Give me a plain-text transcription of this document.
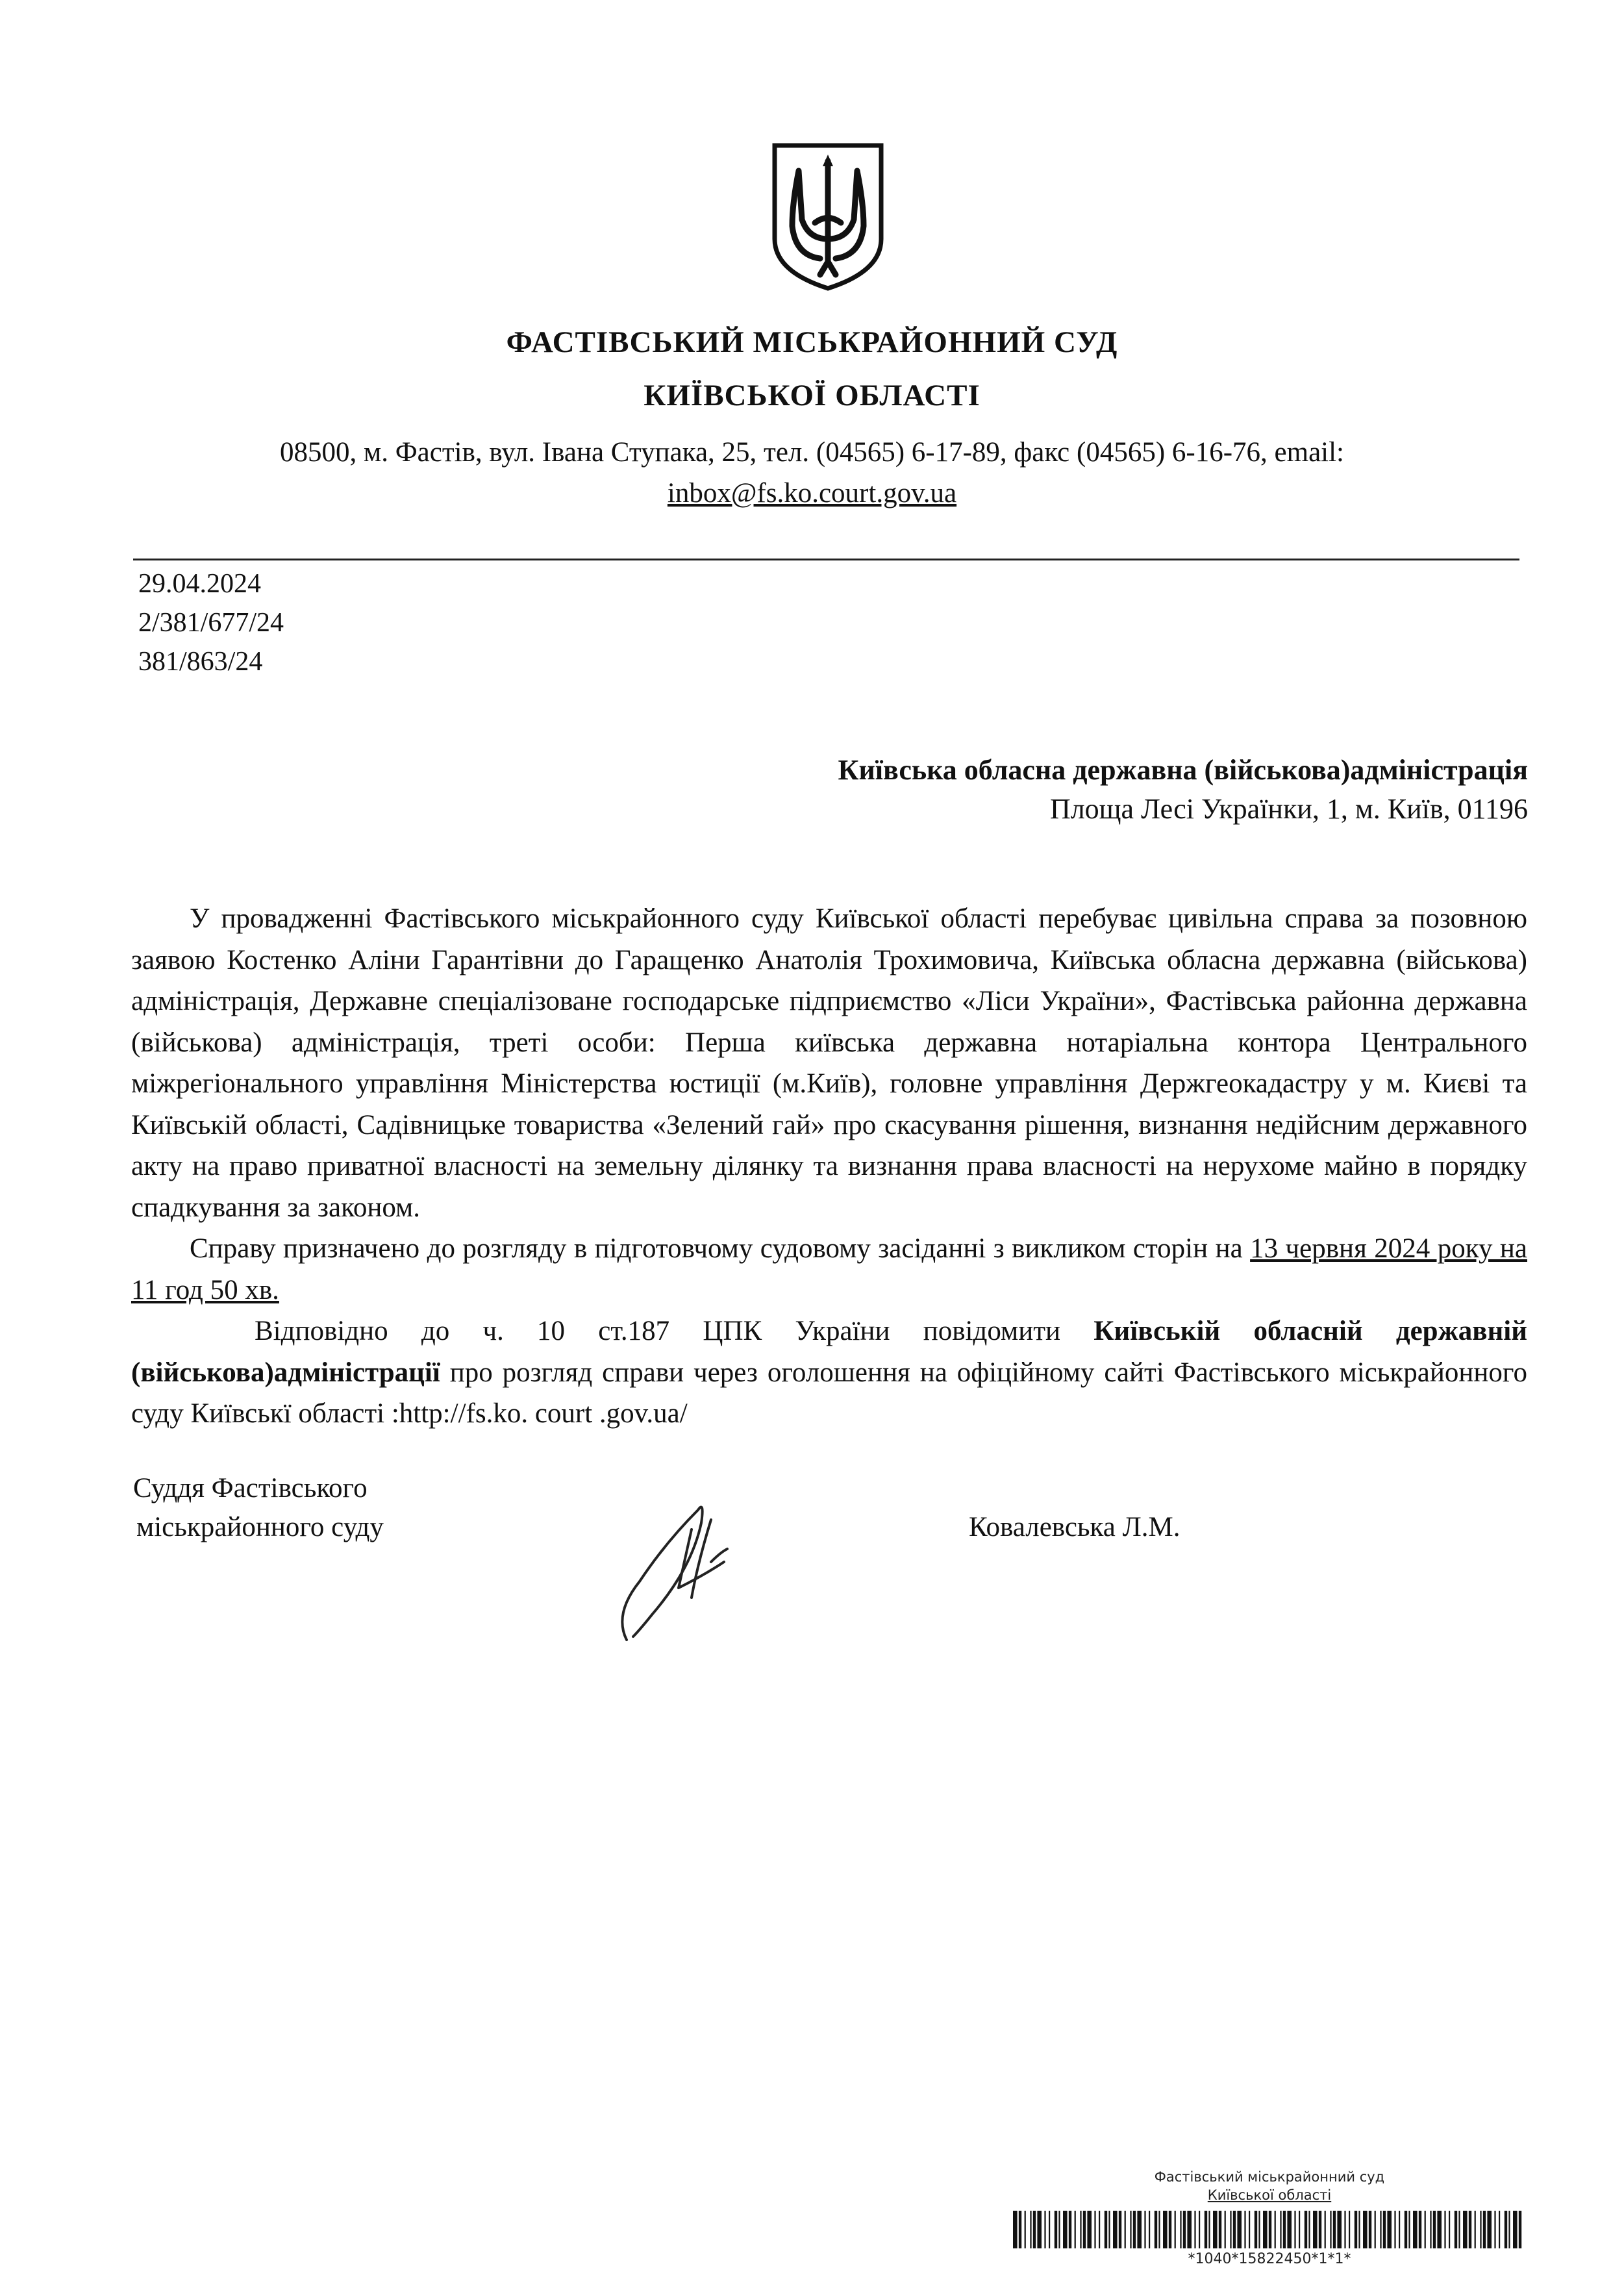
ФАСТІВСЬКИЙ МІСЬКРАЙОННИЙ СУД
КИЇВСЬКОЇ ОБЛАСТІ
08500, м. Фастів, вул. Івана Ступака, 25, тел. (04565) 6-17-89, факс (04565) 6-16-76, email:
inbox@fs.ko.court.gov.ua
29.04.2024
2/381/677/24
381/863/24
Київська обласна державна (військова)адміністрація
Площа Лесі Українки, 1, м. Київ, 01196

У провадженні Фастівського міськрайонного суду Київської області перебуває цивільна справа за позовною заявою Костенко Аліни Гарантівни до Гаращенко Анатолія Трохимовича, Київська обласна державна (військова) адміністрація, Державне спеціалізоване господарське підприємство «Ліси України», Фастівська районна державна (військова) адміністрація, треті особи: Перша київська державна нотаріальна контора Центрального міжрегіонального управління Міністерства юстиції (м.Київ), головне управління Держгеокадастру у м. Києві та Київській області, Садівницьке товариства «Зелений гай» про скасування рішення, визнання недійсним державного акту на право приватної власності на земельну ділянку та визнання права власності на нерухоме майно в порядку спадкування за законом.

Справу призначено до розгляду в підготовчому судовому засіданні з викликом сторін на 13 червня 2024 року на 11 год 50 хв.

Відповідно до ч. 10 ст.187 ЦПК України повідомити Київській обласній державній (військова)адміністрації про розгляд справи через оголошення на офіційному сайті Фастівського міськрайонного суду Київськї області :http://fs.ko. court .gov.ua/

Суддя Фастівського
міськрайонного суду	Ковалевська Л.М.
Фастівський міськрайонний суд
Київської області
*1040*15822450*1*1*
